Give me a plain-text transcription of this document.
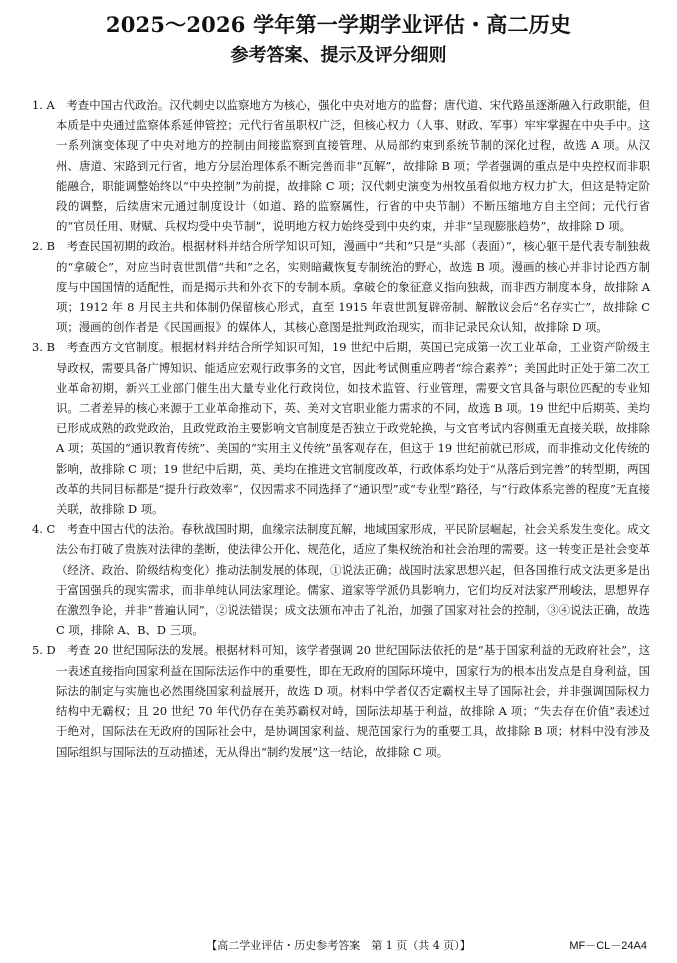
2025～2026 学年第一学期学业评估・高二历史
参考答案、提示及评分细则

1. A　 考查中国古代政治。汉代刺史以监察地方为核心，强化中央对地方的监督；唐代道、宋代路虽逐渐融入行政职能，但本质是中央通过监察体系延伸管控；元代行省虽职权广泛，但核心权力（人事、财政、军事）牢牢掌握在中央手中。这一系列演变体现了中央对地方的控制由间接监察到直接管理、从局部约束到系统节制的深化过程，故选 A 项。从汉州、唐道、宋路到元行省，地方分层治理体系不断完善而非“瓦解”，故排除 B 项；学者强调的重点是中央控权而非职能融合，职能调整始终以“中央控制”为前提，故排除 C 项；汉代刺史演变为州牧虽看似地方权力扩大，但这是特定阶段的调整，后续唐宋元通过制度设计（如道、路的监察属性，行省的中央节制）不断压缩地方自主空间；元代行省的“官员任用、财赋、兵权均受中央节制”，说明地方权力始终受到中央约束，并非“呈现膨胀趋势”，故排除 D 项。

2. B　 考查民国初期的政治。根据材料并结合所学知识可知，漫画中“共和”只是“头部（表面）”，核心躯干是代表专制独裁的“拿破仑”，对应当时袁世凯借“共和”之名，实则暗藏恢复专制统治的野心，故选 B 项。漫画的核心并非讨论西方制度与中国国情的适配性，而是揭示共和外衣下的专制本质。拿破仑的象征意义指向独裁，而非西方制度本身，故排除 A 项；1912 年 8 月民主共和体制仍保留核心形式，直至 1915 年袁世凯复辟帝制、解散议会后“名存实亡”，故排除 C 项；漫画的创作者是《民国画报》的媒体人，其核心意图是批判政治现实，而非记录民众认知，故排除 D 项。

3. B　 考查西方文官制度。根据材料并结合所学知识可知，19 世纪中后期，英国已完成第一次工业革命，工业资产阶级主导政权，需要具备广博知识、能适应宏观行政事务的文官，因此考试侧重应聘者“综合素养”；美国此时正处于第二次工业革命初期，新兴工业部门催生出大量专业化行政岗位，如技术监管、行业管理，需要文官具备与职位匹配的专业知识。二者差异的核心来源于工业革命推动下，英、美对文官职业能力需求的不同，故选 B 项。19 世纪中后期英、美均已形成成熟的政党政治，且政党政治主要影响文官制度是否独立于政党轮换，与文官考试内容侧重无直接关联，故排除 A 项；英国的“通识教育传统”、美国的“实用主义传统”虽客观存在，但这于 19 世纪前就已形成，而非推动文化传统的影响，故排除 C 项；19 世纪中后期，英、美均在推进文官制度改革，行政体系均处于“从落后到完善”的转型期，两国改革的共同目标都是“提升行政效率”，仅因需求不同选择了“通识型”或“专业型”路径，与“行政体系完善的程度”无直接关联，故排除 D 项。

4. C　 考查中国古代的法治。春秋战国时期，血缘宗法制度瓦解，地域国家形成，平民阶层崛起，社会关系发生变化。成文法公布打破了贵族对法律的垄断，使法律公开化、规范化，适应了集权统治和社会治理的需要。这一转变正是社会变革（经济、政治、阶级结构变化）推动法制发展的体现，①说法正确；战国时法家思想兴起，但各国推行成文法更多是出于富国强兵的现实需求，而非单纯认同法家理论。儒家、道家等学派仍具影响力，它们均反对法家严刑峻法，思想界存在激烈争论，并非“普遍认同”，②说法错误；成文法颁布冲击了礼治，加强了国家对社会的控制，③④说法正确，故选 C 项，排除 A、B、D 三项。

5. D　 考查 20 世纪国际法的发展。根据材料可知，该学者强调 20 世纪国际法依托的是“基于国家利益的无政府社会”，这一表述直接指向国家利益在国际法运作中的重要性，即在无政府的国际环境中，国家行为的根本出发点是自身利益，国际法的制定与实施也必然围绕国家利益展开，故选 D 项。材料中学者仅否定霸权主导了国际社会，并非强调国际权力结构中无霸权；且 20 世纪 70 年代仍存在美苏霸权对峙，国际法却基于利益，故排除 A 项；“失去存在价值”表述过于绝对，国际法在无政府的国际社会中，是协调国家利益、规范国家行为的重要工具，故排除 B 项；材料中没有涉及国际组织与国际法的互动描述，无从得出“制约发展”这一结论，故排除 C 项。

【高二学业评估・历史参考答案　第 1 页（共 4 页）】	MF－CL－24A4
